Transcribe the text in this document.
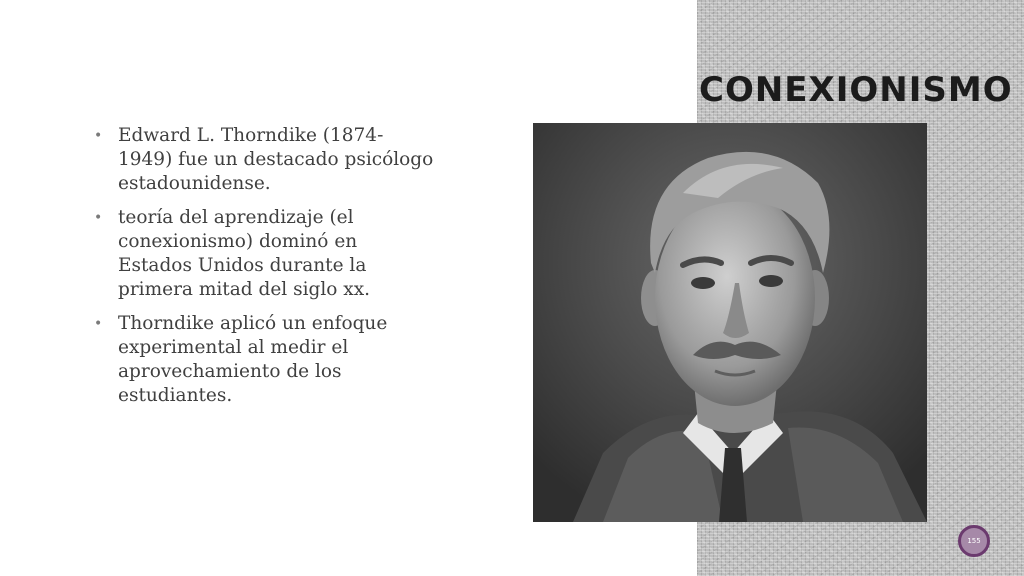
CONEXIONISMO
• Edward L. Thorndike (1874-1949) fue un destacado psicólogo estadounidense.
• teoría del aprendizaje (el conexionismo) dominó en Estados Unidos durante la primera mitad del siglo xx.
• Thorndike aplicó un enfoque experimental al medir el aprovechamiento de los estudiantes.
155
